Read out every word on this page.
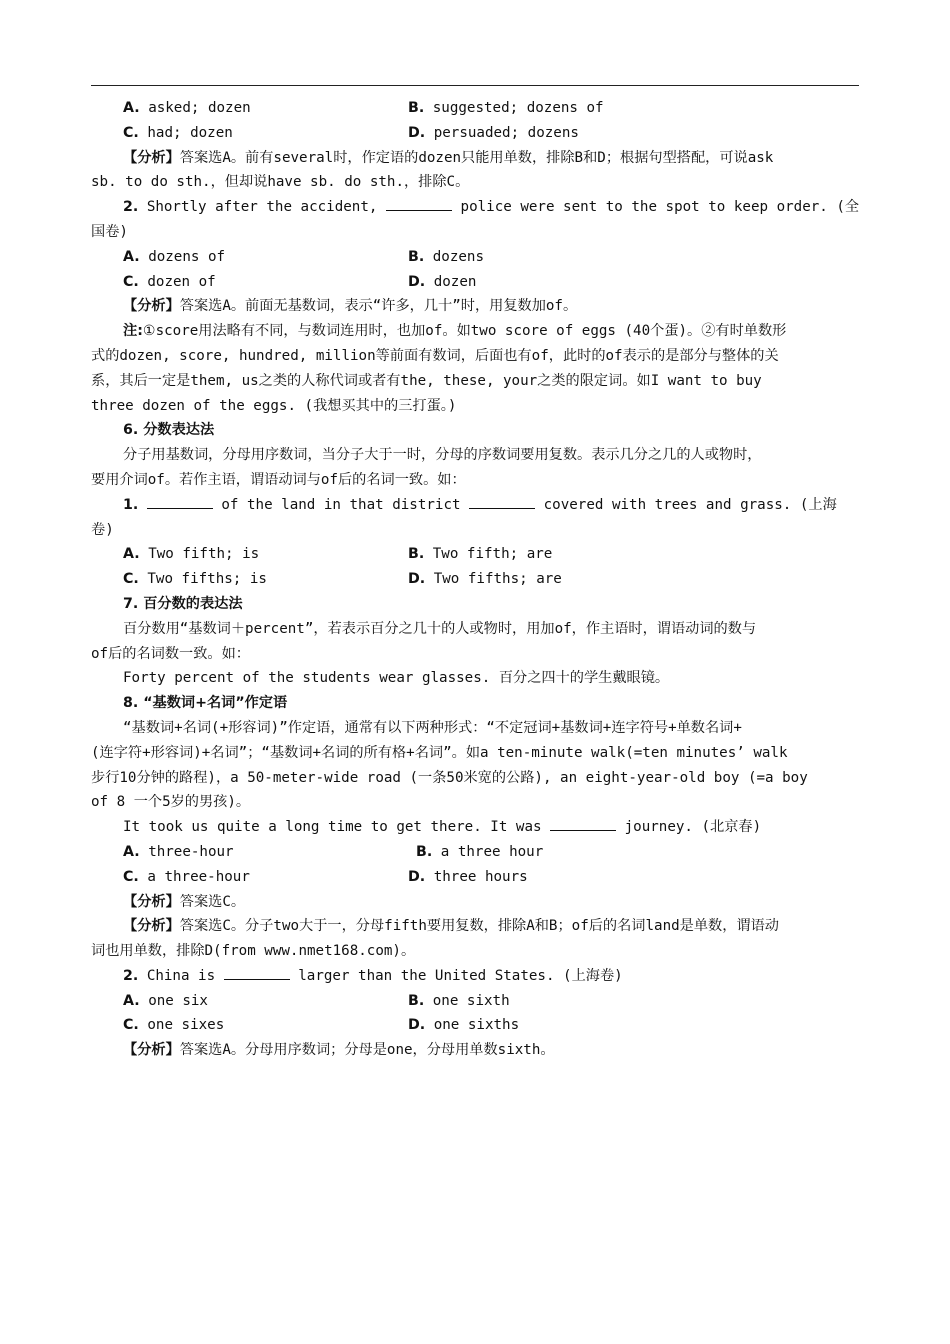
A. asked; dozen	B. suggested; dozens of
C. had; dozen	D. persuaded; dozens
【分析】答案选A。前有several时，作定语的dozen只能用单数，排除B和D；根据句型搭配，可说ask
sb. to do sth.，但却说have sb. do sth.，排除C。
2. Shortly after the accident,	police were sent to the spot to keep order. (全
国卷)
A. dozens of	B. dozens
C. dozen of	D. dozen
【分析】答案选A。前面无基数词，表示“许多，几十”时，用复数加of。
注:①score用法略有不同，与数词连用时，也加of。如two score of eggs (40个蛋)。②有时单数形
式的dozen, score, hundred, million等前面有数词，后面也有of，此时的of表示的是部分与整体的关
系，其后一定是them, us之类的人称代词或者有the, these, your之类的限定词。如I want to buy
three dozen of the eggs. (我想买其中的三打蛋。)
6. 分数表达法
分子用基数词，分母用序数词，当分子大于一时，分母的序数词要用复数。表示几分之几的人或物时，
要用介词of。若作主语，谓语动词与of后的名词一致。如：
1.	of the land in that district	covered with trees and grass. (上海
卷)
A. Two fifth; is	B. Two fifth; are
C. Two fifths; is	D. Two fifths; are
7. 百分数的表达法
百分数用“基数词＋percent”，若表示百分之几十的人或物时，用加of，作主语时，谓语动词的数与
of后的名词数一致。如：
Forty percent of the students wear glasses. 百分之四十的学生戴眼镜。
8. “基数词+名词”作定语
“基数词+名词(+形容词)”作定语，通常有以下两种形式：“不定冠词+基数词+连字符号+单数名词+
(连字符+形容词)+名词”；“基数词+名词的所有格+名词”。如a ten-minute walk(=ten minutes’ walk
步行10分钟的路程)，a 50-meter-wide road (一条50米宽的公路), an eight-year-old boy (=a boy
of 8 一个5岁的男孩)。
It took us quite a long time to get there. It was	journey. (北京春)
A. three-hour	B. a three hour
C. a three-hour	D. three hours
【分析】答案选C。
【分析】答案选C。分子two大于一，分母fifth要用复数，排除A和B；of后的名词land是单数，谓语动
词也用单数，排除D(from www.nmet168.com)。
2. China is	larger than the United States. (上海卷)
A. one six	B. one sixth
C. one sixes	D. one sixths
【分析】答案选A。分母用序数词；分母是one，分母用单数sixth。
